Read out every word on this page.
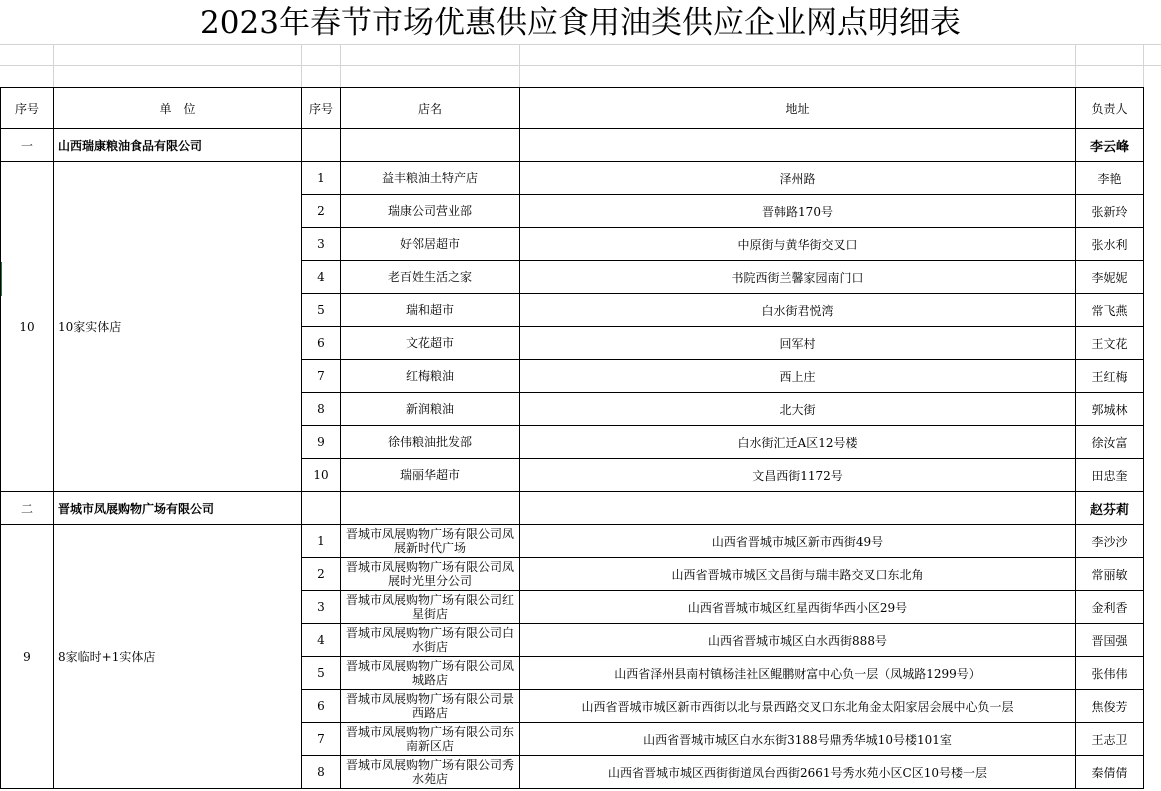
2023年春节市场优惠供应食用油类供应企业网点明细表
序号	单　位	序号	店名	地址	负责人
一	山西瑞康粮油食品有限公司				李云峰
10	10家实体店	1	益丰粮油土特产店	泽州路	李艳
		2	瑞康公司营业部	晋韩路170号	张新玲
		3	好邻居超市	中原街与黄华街交叉口	张水利
		4	老百姓生活之家	书院西街兰馨家园南门口	李妮妮
		5	瑞和超市	白水街君悦湾	常飞燕
		6	文花超市	回军村	王文花
		7	红梅粮油	西上庄	王红梅
		8	新润粮油	北大街	郭城林
		9	徐伟粮油批发部	白水街汇迁A区12号楼	徐汝富
		10	瑞丽华超市	文昌西街1172号	田忠奎
二	晋城市凤展购物广场有限公司				赵芬莉
9	8家临时+1实体店	1	晋城市凤展购物广场有限公司凤展新时代广场	山西省晋城市城区新市西街49号	李沙沙
		2	晋城市凤展购物广场有限公司凤展时光里分公司	山西省晋城市城区文昌街与瑞丰路交叉口东北角	常丽敏
		3	晋城市凤展购物广场有限公司红星街店	山西省晋城市城区红星西街华西小区29号	金利香
		4	晋城市凤展购物广场有限公司白水街店	山西省晋城市城区白水西街888号	晋国强
		5	晋城市凤展购物广场有限公司凤城路店	山西省泽州县南村镇杨洼社区鲲鹏财富中心负一层（凤城路1299号）	张伟伟
		6	晋城市凤展购物广场有限公司景西路店	山西省晋城市城区新市西街以北与景西路交叉口东北角金太阳家居会展中心负一层	焦俊芳
		7	晋城市凤展购物广场有限公司东南新区店	山西省晋城市城区白水东街3188号鼎秀华城10号楼101室	王志卫
		8	晋城市凤展购物广场有限公司秀水苑店	山西省晋城市城区西街街道凤台西街2661号秀水苑小区C区10号楼一层	秦倩倩
